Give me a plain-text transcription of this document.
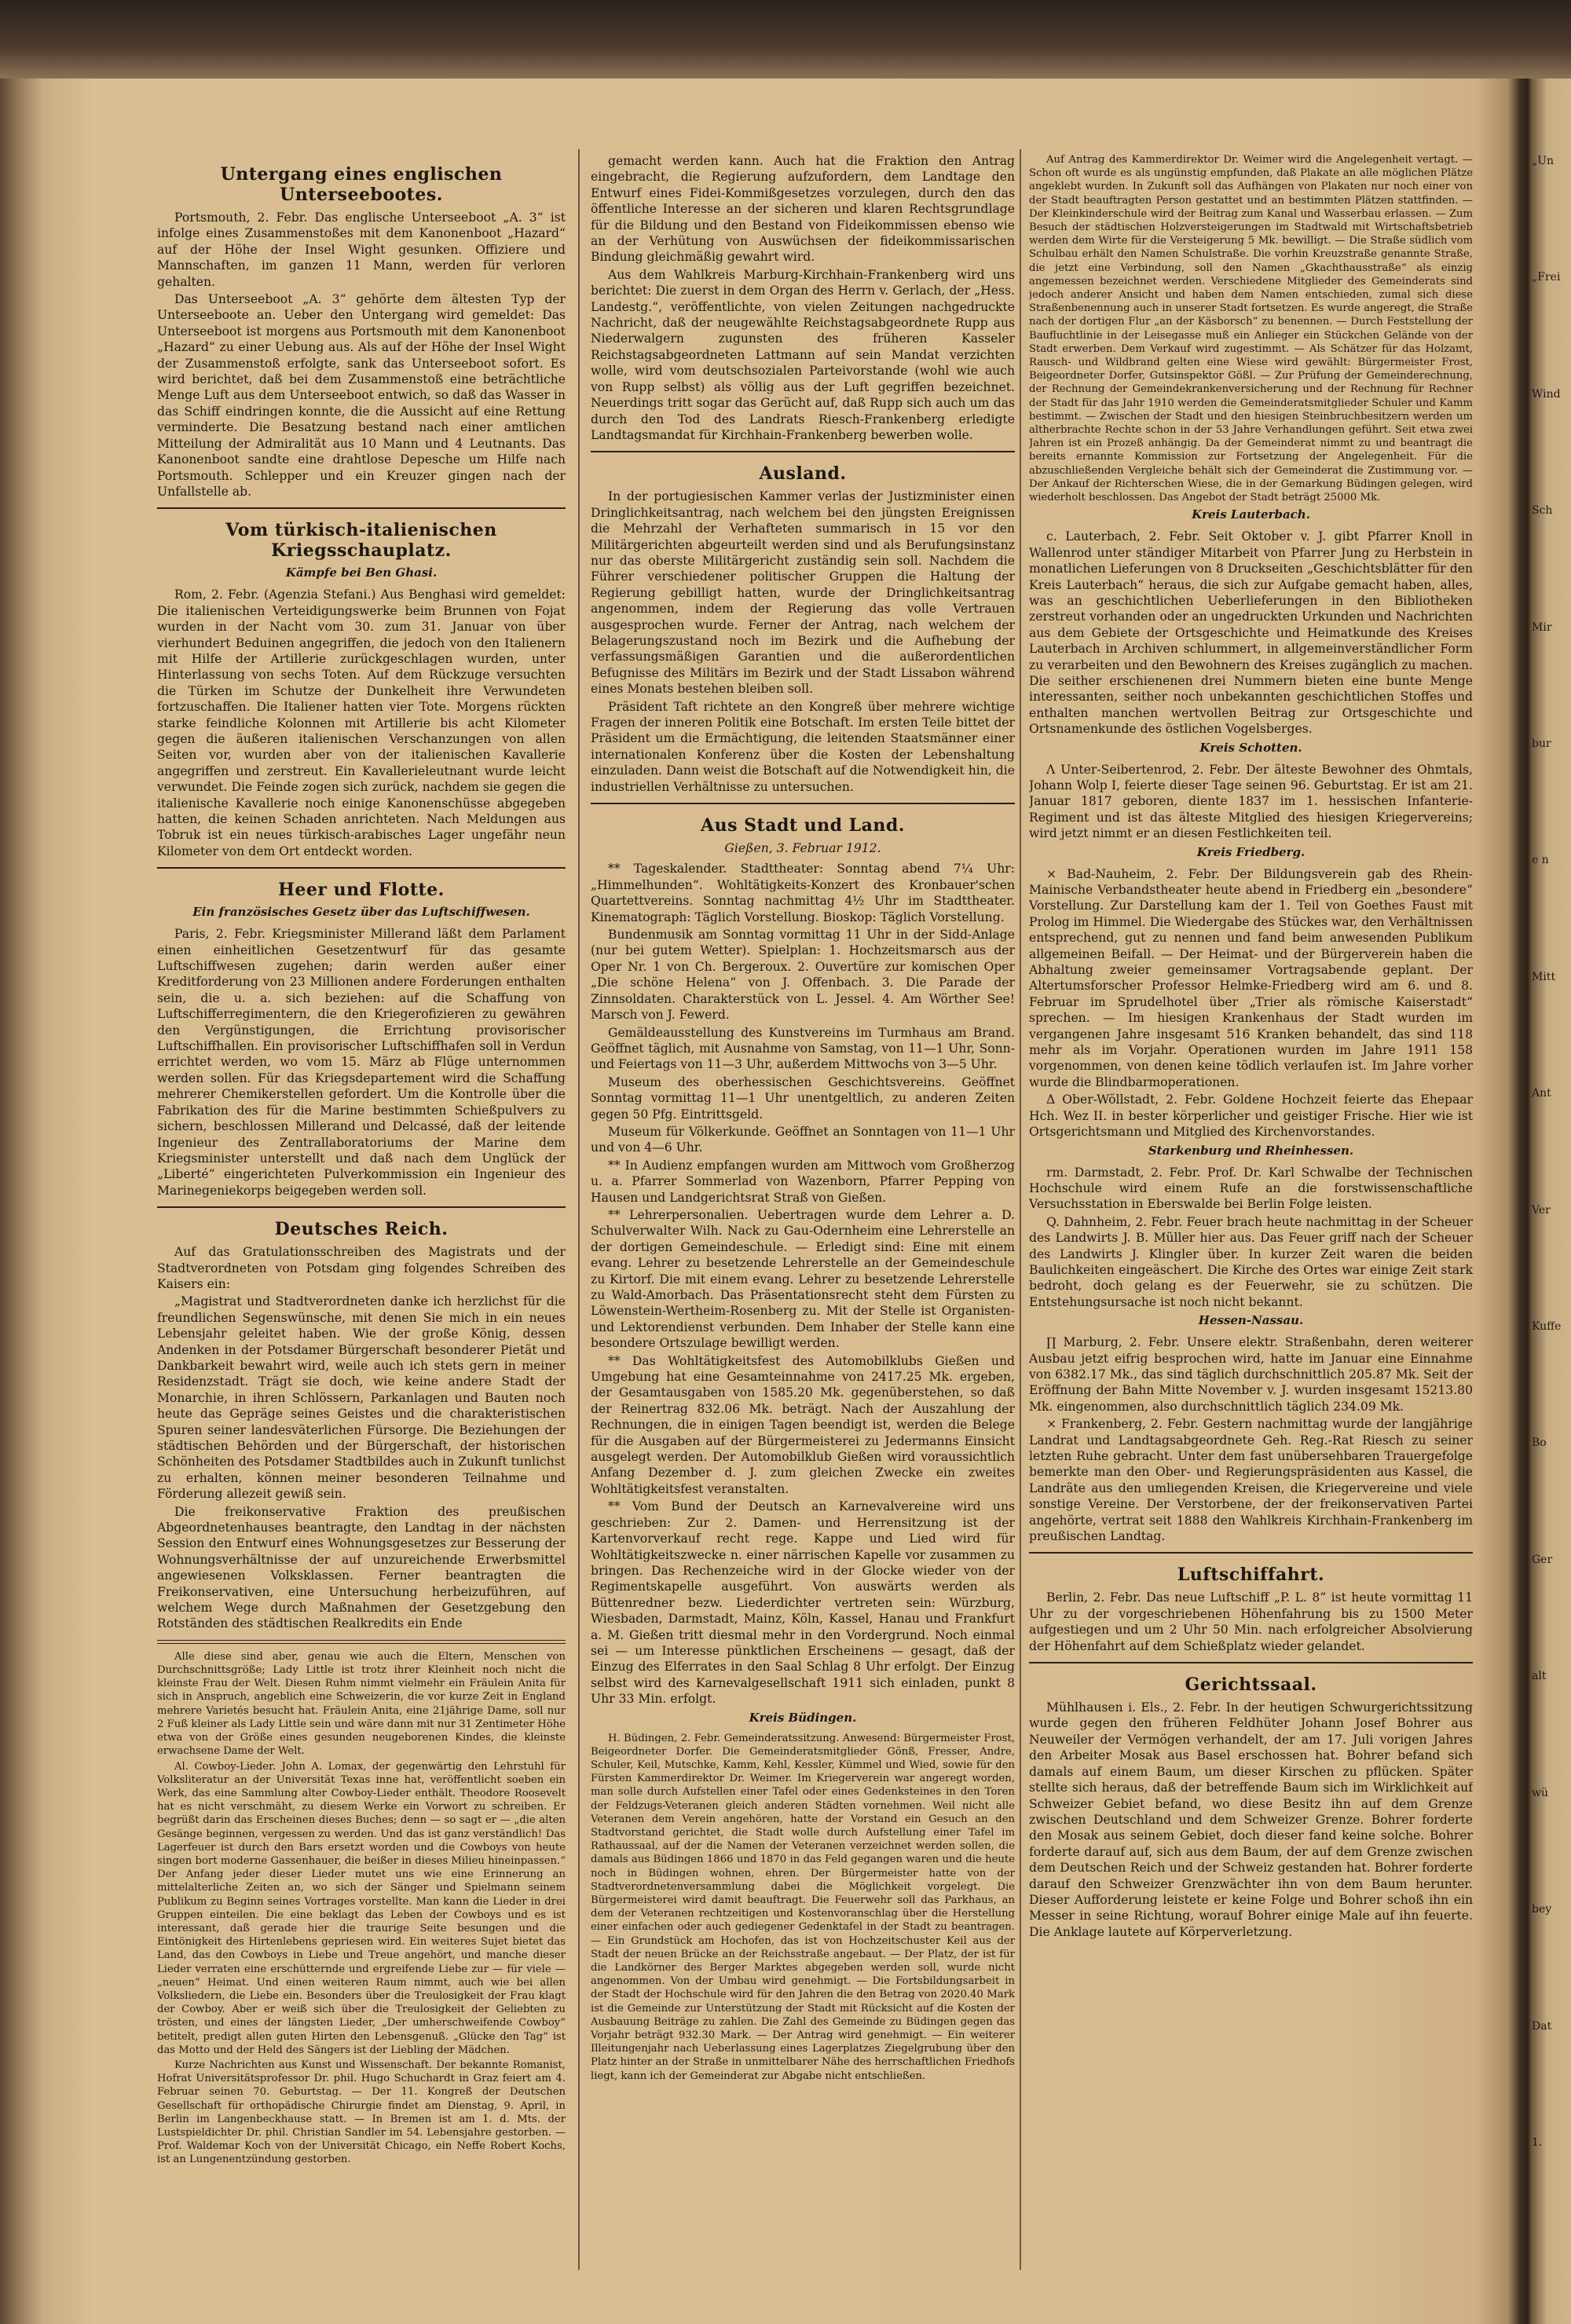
Untergang eines englischen Unterseebootes.

Portsmouth, 2. Febr. Das englische Unterseeboot „A. 3“ ist infolge eines Zusammenstoßes mit dem Kanonenboot „Hazard“ auf der Höhe der Insel Wight gesunken. Offiziere und Mannschaften, im ganzen 11 Mann, werden für verloren gehalten.

Das Unterseeboot „A. 3“ gehörte dem ältesten Typ der Unterseeboote an. Ueber den Untergang wird gemeldet: Das Unterseeboot ist morgens aus Portsmouth mit dem Kanonenboot „Hazard“ zu einer Uebung aus. Als auf der Höhe der Insel Wight der Zusammenstoß erfolgte, sank das Unterseeboot sofort. Es wird berichtet, daß bei dem Zusammenstoß eine beträchtliche Menge Luft aus dem Unterseeboot entwich, so daß das Wasser in das Schiff eindringen konnte, die die Aussicht auf eine Rettung verminderte. Die Besatzung bestand nach einer amtlichen Mitteilung der Admiralität aus 10 Mann und 4 Leutnants. Das Kanonenboot sandte eine drahtlose Depesche um Hilfe nach Portsmouth. Schlepper und ein Kreuzer gingen nach der Unfallstelle ab.

Vom türkisch-italienischen Kriegsschauplatz.
Kämpfe bei Ben Ghasi.

Rom, 2. Febr. (Agenzia Stefani.) Aus Benghasi wird gemeldet: Die italienischen Verteidigungswerke beim Brunnen von Fojat wurden in der Nacht vom 30. zum 31. Januar von über vierhundert Beduinen angegriffen, die jedoch von den Italienern mit Hilfe der Artillerie zurückgeschlagen wurden, unter Hinterlassung von sechs Toten. Auf dem Rückzuge versuchten die Türken im Schutze der Dunkelheit ihre Verwundeten fortzuschaffen. Die Italiener hatten vier Tote. Morgens rückten starke feindliche Kolonnen mit Artillerie bis acht Kilometer gegen die äußeren italienischen Verschanzungen von allen Seiten vor, wurden aber von der italienischen Kavallerie angegriffen und zerstreut. Ein Kavallerieleutnant wurde leicht verwundet. Die Feinde zogen sich zurück, nachdem sie gegen die italienische Kavallerie noch einige Kanonenschüsse abgegeben hatten, die keinen Schaden anrichteten. Nach Meldungen aus Tobruk ist ein neues türkisch-arabisches Lager ungefähr neun Kilometer von dem Ort entdeckt worden.

Heer und Flotte.
Ein französisches Gesetz über das Luftschiffwesen.

Paris, 2. Febr. Kriegsminister Millerand läßt dem Parlament einen einheitlichen Gesetzentwurf für das gesamte Luftschiffwesen zugehen; darin werden außer einer Kreditforderung von 23 Millionen andere Forderungen enthalten sein, die u. a. sich beziehen: auf die Schaffung von Luftschifferregimentern, die den Kriegerofizieren zu gewähren den Vergünstigungen, die Errichtung provisorischer Luftschiffhallen. Ein provisorischer Luftschiffhafen soll in Verdun errichtet werden, wo vom 15. März ab Flüge unternommen werden sollen. Für das Kriegsdepartement wird die Schaffung mehrerer Chemikerstellen gefordert. Um die Kontrolle über die Fabrikation des für die Marine bestimmten Schießpulvers zu sichern, beschlossen Millerand und Delcassé, daß der leitende Ingenieur des Zentrallaboratoriums der Marine dem Kriegsminister unterstellt und daß nach dem Unglück der „Liberté“ eingerichteten Pulverkommission ein Ingenieur des Marinegeniekorps beigegeben werden soll.

Deutsches Reich.

Auf das Gratulationsschreiben des Magistrats und der Stadtverordneten von Potsdam ging folgendes Schreiben des Kaisers ein:

„Magistrat und Stadtverordneten danke ich herzlichst für die freundlichen Segenswünsche, mit denen Sie mich in ein neues Lebensjahr geleitet haben. Wie der große König, dessen Andenken in der Potsdamer Bürgerschaft besonderer Pietät und Dankbarkeit bewahrt wird, weile auch ich stets gern in meiner Residenzstadt. Trägt sie doch, wie keine andere Stadt der Monarchie, in ihren Schlössern, Parkanlagen und Bauten noch heute das Gepräge seines Geistes und die charakteristischen Spuren seiner landesväterlichen Fürsorge. Die Beziehungen der städtischen Behörden und der Bürgerschaft, der historischen Schönheiten des Potsdamer Stadtbildes auch in Zukunft tunlichst zu erhalten, können meiner besonderen Teilnahme und Förderung allezeit gewiß sein.

Die freikonservative Fraktion des preußischen Abgeordnetenhauses beantragte, den Landtag in der nächsten Session den Entwurf eines Wohnungsgesetzes zur Besserung der Wohnungsverhältnisse der auf unzureichende Erwerbsmittel angewiesenen Volksklassen. Ferner beantragten die Freikonservativen, eine Untersuchung herbeizuführen, auf welchem Wege durch Maßnahmen der Gesetzgebung den Rotständen des städtischen Realkredits ein Ende

Alle diese sind aber, genau wie auch die Eltern, Menschen von Durchschnittsgröße; Lady Little ist trotz ihrer Kleinheit noch nicht die kleinste Frau der Welt. Diesen Ruhm nimmt vielmehr ein Fräulein Anita für sich in Anspruch, angeblich eine Schweizerin, die vor kurze Zeit in England mehrere Varietés besucht hat. Fräulein Anita, eine 21jährige Dame, soll nur 2 Fuß kleiner als Lady Little sein und wäre dann mit nur 31 Zentimeter Höhe etwa von der Größe eines gesunden neugeborenen Kindes, die kleinste erwachsene Dame der Welt.

Al. Cowboy-Lieder. John A. Lomax, der gegenwärtig den Lehrstuhl für Volksliteratur an der Universität Texas inne hat, veröffentlicht soeben ein Werk, das eine Sammlung alter Cowboy-Lieder enthält. Theodore Roosevelt hat es nicht verschmäht, zu diesem Werke ein Vorwort zu schreiben. Er begrüßt darin das Erscheinen dieses Buches; denn — so sagt er — „die alten Gesänge beginnen, vergessen zu werden. Und das ist ganz verständlich! Das Lagerfeuer ist durch den Bars ersetzt worden und die Cowboys von heute singen bort moderne Gassenhauer, die beißer in dieses Milieu hineinpassen.“ Der Anfang jeder dieser Lieder mutet uns wie eine Erinnerung an mittelalterliche Zeiten an, wo sich der Sänger und Spielmann seinem Publikum zu Beginn seines Vortrages vorstellte. Man kann die Lieder in drei Gruppen einteilen. Die eine beklagt das Leben der Cowboys und es ist interessant, daß gerade hier die traurige Seite besungen und die Eintönigkeit des Hirtenlebens gepriesen wird. Ein weiteres Sujet bietet das Land, das den Cowboys in Liebe und Treue angehört, und manche dieser Lieder verraten eine erschütternde und ergreifende Liebe zur — für viele — „neuen“ Heimat. Und einen weiteren Raum nimmt, auch wie bei allen Volksliedern, die Liebe ein. Besonders über die Treulosigkeit der Frau klagt der Cowboy. Aber er weiß sich über die Treulosigkeit der Geliebten zu trösten, und eines der längsten Lieder, „Der umherschweifende Cowboy“ betitelt, predigt allen guten Hirten den Lebensgenuß. „Glücke den Tag“ ist das Motto und der Held des Sängers ist der Liebling der Mädchen.

Kurze Nachrichten aus Kunst und Wissenschaft. Der bekannte Romanist, Hofrat Universitätsprofessor Dr. phil. Hugo Schuchardt in Graz feiert am 4. Februar seinen 70. Geburtstag. — Der 11. Kongreß der Deutschen Gesellschaft für orthopädische Chirurgie findet am Dienstag, 9. April, in Berlin im Langenbeckhause statt. — In Bremen ist am 1. d. Mts. der Lustspieldichter Dr. phil. Christian Sandler im 54. Lebensjahre gestorben. — Prof. Waldemar Koch von der Universität Chicago, ein Neffe Robert Kochs, ist an Lungenentzündung gestorben.

gemacht werden kann. Auch hat die Fraktion den Antrag eingebracht, die Regierung aufzufordern, dem Landtage den Entwurf eines Fidei-Kommißgesetzes vorzulegen, durch den das öffentliche Interesse an der sicheren und klaren Rechtsgrundlage für die Bildung und den Bestand von Fideikommissen ebenso wie an der Verhütung von Auswüchsen der fideikommissarischen Bindung gleichmäßig gewahrt wird.

Aus dem Wahlkreis Marburg-Kirchhain-Frankenberg wird uns berichtet: Die zuerst in dem Organ des Herrn v. Gerlach, der „Hess. Landestg.“, veröffentlichte, von vielen Zeitungen nachgedruckte Nachricht, daß der neugewählte Reichstagsabgeordnete Rupp aus Niederwalgern zugunsten des früheren Kasseler Reichstagsabgeordneten Lattmann auf sein Mandat verzichten wolle, wird vom deutschsozialen Parteivorstande (wohl wie auch von Rupp selbst) als völlig aus der Luft gegriffen bezeichnet. Neuerdings tritt sogar das Gerücht auf, daß Rupp sich auch um das durch den Tod des Landrats Riesch-Frankenberg erledigte Landtagsmandat für Kirchhain-Frankenberg bewerben wolle.

Ausland.

In der portugiesischen Kammer verlas der Justizminister einen Dringlichkeitsantrag, nach welchem bei den jüngsten Ereignissen die Mehrzahl der Verhafteten summarisch in 15 vor den Militärgerichten abgeurteilt werden sind und als Berufungsinstanz nur das oberste Militärgericht zuständig sein soll. Nachdem die Führer verschiedener politischer Gruppen die Haltung der Regierung gebilligt hatten, wurde der Dringlichkeitsantrag angenommen, indem der Regierung das volle Vertrauen ausgesprochen wurde. Ferner der Antrag, nach welchem der Belagerungszustand noch im Bezirk und die Aufhebung der verfassungsmäßigen Garantien und die außerordentlichen Befugnisse des Militärs im Bezirk und der Stadt Lissabon während eines Monats bestehen bleiben soll.

Präsident Taft richtete an den Kongreß über mehrere wichtige Fragen der inneren Politik eine Botschaft. Im ersten Teile bittet der Präsident um die Ermächtigung, die leitenden Staatsmänner einer internationalen Konferenz über die Kosten der Lebenshaltung einzuladen. Dann weist die Botschaft auf die Notwendigkeit hin, die industriellen Verhältnisse zu untersuchen.

Aus Stadt und Land.
Gießen, 3. Februar 1912.

** Tageskalender. Stadttheater: Sonntag abend 7¼ Uhr: „Himmelhunden“. Wohltätigkeits-Konzert des Kronbauer'schen Quartettvereins. Sonntag nachmittag 4½ Uhr im Stadttheater. Kinematograph: Täglich Vorstellung. Bioskop: Täglich Vorstellung.

Bundenmusik am Sonntag vormittag 11 Uhr in der Sidd-Anlage (nur bei gutem Wetter). Spielplan: 1. Hochzeitsmarsch aus der Oper Nr. 1 von Ch. Bergeroux. 2. Ouvertüre zur komischen Oper „Die schöne Helena“ von J. Offenbach. 3. Die Parade der Zinnsoldaten. Charakterstück von L. Jessel. 4. Am Wörther See! Marsch von J. Fewerd.

Gemäldeausstellung des Kunstvereins im Turmhaus am Brand. Geöffnet täglich, mit Ausnahme von Samstag, von 11—1 Uhr, Sonn- und Feiertags von 11—3 Uhr, außerdem Mittwochs von 3—5 Uhr.

Museum des oberhessischen Geschichtsvereins. Geöffnet Sonntag vormittag 11—1 Uhr unentgeltlich, zu anderen Zeiten gegen 50 Pfg. Eintrittsgeld.

Museum für Völkerkunde. Geöffnet an Sonntagen von 11—1 Uhr und von 4—6 Uhr.

** In Audienz empfangen wurden am Mittwoch vom Großherzog u. a. Pfarrer Sommerlad von Wazenborn, Pfarrer Pepping von Hausen und Landgerichtsrat Straß von Gießen.

** Lehrerpersonalien. Uebertragen wurde dem Lehrer a. D. Schulverwalter Wilh. Nack zu Gau-Odernheim eine Lehrerstelle an der dortigen Gemeindeschule. — Erledigt sind: Eine mit einem evang. Lehrer zu besetzende Lehrerstelle an der Gemeindeschule zu Kirtorf. Die mit einem evang. Lehrer zu besetzende Lehrerstelle zu Wald-Amorbach. Das Präsentationsrecht steht dem Fürsten zu Löwenstein-Wertheim-Rosenberg zu. Mit der Stelle ist Organisten- und Lektorendienst verbunden. Dem Inhaber der Stelle kann eine besondere Ortszulage bewilligt werden.

** Das Wohltätigkeitsfest des Automobilklubs Gießen und Umgebung hat eine Gesamteinnahme von 2417.25 Mk. ergeben, der Gesamtausgaben von 1585.20 Mk. gegenüberstehen, so daß der Reinertrag 832.06 Mk. beträgt. Nach der Auszahlung der Rechnungen, die in einigen Tagen beendigt ist, werden die Belege für die Ausgaben auf der Bürgermeisterei zu Jedermanns Einsicht ausgelegt werden. Der Automobilklub Gießen wird voraussichtlich Anfang Dezember d. J. zum gleichen Zwecke ein zweites Wohltätigkeitsfest veranstalten.

** Vom Bund der Deutsch an Karnevalvereine wird uns geschrieben: Zur 2. Damen- und Herrensitzung ist der Kartenvorverkauf recht rege. Kappe und Lied wird für Wohltätigkeitszwecke n. einer närrischen Kapelle vor zusammen zu bringen. Das Rechenzeiche wird in der Glocke wieder von der Regimentskapelle ausgeführt. Von auswärts werden als Büttenredner bezw. Liederdichter vertreten sein: Würzburg, Wiesbaden, Darmstadt, Mainz, Köln, Kassel, Hanau und Frankfurt a. M. Gießen tritt diesmal mehr in den Vordergrund. Noch einmal sei — um Interesse pünktlichen Erscheinens — gesagt, daß der Einzug des Elferrates in den Saal Schlag 8 Uhr erfolgt. Der Einzug selbst wird des Karnevalgesellschaft 1911 sich einladen, punkt 8 Uhr 33 Min. erfolgt.

Kreis Büdingen.

H. Büdingen, 2. Febr. Gemeinderatssitzung. Anwesend: Bürgermeister Frost, Beigeordneter Dorfer. Die Gemeinderatsmitglieder Gönß, Fresser, Andre, Schuler, Keil, Mutschke, Kamm, Kehl, Kessler, Kümmel und Wied, sowie für den Fürsten Kammerdirektor Dr. Weimer. Im Kriegerverein war angeregt worden, man solle durch Aufstellen einer Tafel oder eines Gedenksteines in den Toren der Feldzugs-Veteranen gleich anderen Städten vornehmen. Weil nicht alle Veteranen dem Verein angehören, hatte der Vorstand ein Gesuch an den Stadtvorstand gerichtet, die Stadt wolle durch Aufstellung einer Tafel im Rathaussaal, auf der die Namen der Veteranen verzeichnet werden sollen, die damals aus Büdingen 1866 und 1870 in das Feld gegangen waren und die heute noch in Büdingen wohnen, ehren. Der Bürgermeister hatte von der Stadtverordnetenversammlung dabei die Möglichkeit vorgelegt. Die Bürgermeisterei wird damit beauftragt. Die Feuerwehr soll das Parkhaus, an dem der Veteranen rechtzeitigen und Kostenvoranschlag über die Herstellung einer einfachen oder auch gediegener Gedenktafel in der Stadt zu beantragen. — Ein Grundstück am Hochofen, das ist von Hochzeitschuster Keil aus der Stadt der neuen Brücke an der Reichsstraße angebaut. — Der Platz, der ist für die Landkörner des Berger Marktes abgegeben werden soll, wurde nicht angenommen. Von der Umbau wird genehmigt. — Die Fortsbildungsarbeit in der Stadt der Hochschule wird für den Jahren die den Betrag von 2020.40 Mark ist die Gemeinde zur Unterstützung der Stadt mit Rücksicht auf die Kosten der Ausbauung Beiträge zu zahlen. Die Zahl des Gemeinde zu Büdingen gegen das Vorjahr beträgt 932.30 Mark. — Der Antrag wird genehmigt. — Ein weiterer Illeitungenjahr nach Ueberlassung eines Lagerplatzes Ziegelgrubung über den Platz hinter an der Straße in unmittelbarer Nähe des herrschaftlichen Friedhofs liegt, kann ich der Gemeinderat zur Abgabe nicht entschließen.

Auf Antrag des Kammerdirektor Dr. Weimer wird die Angelegenheit vertagt. — Schon oft wurde es als ungünstig empfunden, daß Plakate an alle möglichen Plätze angeklebt wurden. In Zukunft soll das Aufhängen von Plakaten nur noch einer von der Stadt beauftragten Person gestattet und an bestimmten Plätzen stattfinden. — Der Kleinkinderschule wird der Beitrag zum Kanal und Wasserbau erlassen. — Zum Besuch der städtischen Holzversteigerungen im Stadtwald mit Wirtschaftsbetrieb werden dem Wirte für die Versteigerung 5 Mk. bewilligt. — Die Straße südlich vom Schulbau erhält den Namen Schulstraße. Die vorhin Kreuzstraße genannte Straße, die jetzt eine Verbindung, soll den Namen „Gkachthausstraße“ als einzig angemessen bezeichnet werden. Verschiedene Mitglieder des Gemeinderats sind jedoch anderer Ansicht und haben dem Namen entschieden, zumal sich diese Straßenbenennung auch in unserer Stadt fortsetzen. Es wurde angeregt, die Straße nach der dortigen Flur „an der Käsborsch“ zu benennen. — Durch Feststellung der Baufluchtlinie in der Leisegasse muß ein Anlieger ein Stückchen Gelände von der Stadt erwerben. Dem Verkauf wird zugestimmt. — Als Schätzer für das Holzamt, Rausch- und Wildbrand gelten eine Wiese wird gewählt: Bürgermeister Frost, Beigeordneter Dorfer, Gutsinspektor Gößl. — Zur Prüfung der Gemeinderechnung, der Rechnung der Gemeindekrankenversicherung und der Rechnung für Rechner der Stadt für das Jahr 1910 werden die Gemeinderatsmitglieder Schuler und Kamm bestimmt. — Zwischen der Stadt und den hiesigen Steinbruchbesitzern werden um altherbrachte Rechte schon in der 53 Jahre Verhandlungen geführt. Seit etwa zwei Jahren ist ein Prozeß anhängig. Da der Gemeinderat nimmt zu und beantragt die bereits ernannte Kommission zur Fortsetzung der Angelegenheit. Für die abzuschließenden Vergleiche behält sich der Gemeinderat die Zustimmung vor. — Der Ankauf der Richterschen Wiese, die in der Gemarkung Büdingen gelegen, wird wiederholt beschlossen. Das Angebot der Stadt beträgt 25000 Mk.

Kreis Lauterbach.

c. Lauterbach, 2. Febr. Seit Oktober v. J. gibt Pfarrer Knoll in Wallenrod unter ständiger Mitarbeit von Pfarrer Jung zu Herbstein in monatlichen Lieferungen von 8 Druckseiten „Geschichtsblätter für den Kreis Lauterbach“ heraus, die sich zur Aufgabe gemacht haben, alles, was an geschichtlichen Ueberlieferungen in den Bibliotheken zerstreut vorhanden oder an ungedruckten Urkunden und Nachrichten aus dem Gebiete der Ortsgeschichte und Heimatkunde des Kreises Lauterbach in Archiven schlummert, in allgemeinverständlicher Form zu verarbeiten und den Bewohnern des Kreises zugänglich zu machen. Die seither erschienenen drei Nummern bieten eine bunte Menge interessanten, seither noch unbekannten geschichtlichen Stoffes und enthalten manchen wertvollen Beitrag zur Ortsgeschichte und Ortsnamenkunde des östlichen Vogelsberges.

Kreis Schotten.

Λ Unter-Seibertenrod, 2. Febr. Der älteste Bewohner des Ohmtals, Johann Wolp I, feierte dieser Tage seinen 96. Geburtstag. Er ist am 21. Januar 1817 geboren, diente 1837 im 1. hessischen Infanterie-Regiment und ist das älteste Mitglied des hiesigen Kriegervereins; wird jetzt nimmt er an diesen Festlichkeiten teil.

Kreis Friedberg.

× Bad-Nauheim, 2. Febr. Der Bildungsverein gab des Rhein-Mainische Verbandstheater heute abend in Friedberg ein „besondere“ Vorstellung. Zur Darstellung kam der 1. Teil von Goethes Faust mit Prolog im Himmel. Die Wiedergabe des Stückes war, den Verhältnissen entsprechend, gut zu nennen und fand beim anwesenden Publikum allgemeinen Beifall. — Der Heimat- und der Bürgerverein haben die Abhaltung zweier gemeinsamer Vortragsabende geplant. Der Altertumsforscher Professor Helmke-Friedberg wird am 6. und 8. Februar im Sprudelhotel über „Trier als römische Kaiserstadt“ sprechen. — Im hiesigen Krankenhaus der Stadt wurden im vergangenen Jahre insgesamt 516 Kranken behandelt, das sind 118 mehr als im Vorjahr. Operationen wurden im Jahre 1911 158 vorgenommen, von denen keine tödlich verlaufen ist. Im Jahre vorher wurde die Blindbarmoperationen.

Δ Ober-Wöllstadt, 2. Febr. Goldene Hochzeit feierte das Ehepaar Hch. Wez II. in bester körperlicher und geistiger Frische. Hier wie ist Ortsgerichtsmann und Mitglied des Kirchenvorstandes.

Starkenburg und Rheinhessen.

rm. Darmstadt, 2. Febr. Prof. Dr. Karl Schwalbe der Technischen Hochschule wird einem Rufe an die forstwissenschaftliche Versuchsstation in Eberswalde bei Berlin Folge leisten.

Q. Dahnheim, 2. Febr. Feuer brach heute nachmittag in der Scheuer des Landwirts J. B. Müller hier aus. Das Feuer griff nach der Scheuer des Landwirts J. Klingler über. In kurzer Zeit waren die beiden Baulichkeiten eingeäschert. Die Kirche des Ortes war einige Zeit stark bedroht, doch gelang es der Feuerwehr, sie zu schützen. Die Entstehungsursache ist noch nicht bekannt.

Hessen-Nassau.

∏ Marburg, 2. Febr. Unsere elektr. Straßenbahn, deren weiterer Ausbau jetzt eifrig besprochen wird, hatte im Januar eine Einnahme von 6382.17 Mk., das sind täglich durchschnittlich 205.87 Mk. Seit der Eröffnung der Bahn Mitte November v. J. wurden insgesamt 15213.80 Mk. eingenommen, also durchschnittlich täglich 234.09 Mk.

× Frankenberg, 2. Febr. Gestern nachmittag wurde der langjährige Landrat und Landtagsabgeordnete Geh. Reg.-Rat Riesch zu seiner letzten Ruhe gebracht. Unter dem fast unübersehbaren Trauergefolge bemerkte man den Ober- und Regierungspräsidenten aus Kassel, die Landräte aus den umliegenden Kreisen, die Kriegervereine und viele sonstige Vereine. Der Verstorbene, der der freikonservativen Partei angehörte, vertrat seit 1888 den Wahlkreis Kirchhain-Frankenberg im preußischen Landtag.

Luftschiffahrt.

Berlin, 2. Febr. Das neue Luftschiff „P. L. 8“ ist heute vormittag 11 Uhr zu der vorgeschriebenen Höhenfahrung bis zu 1500 Meter aufgestiegen und um 2 Uhr 50 Min. nach erfolgreicher Absolvierung der Höhenfahrt auf dem Schießplatz wieder gelandet.

Gerichtssaal.

Mühlhausen i. Els., 2. Febr. In der heutigen Schwurgerichtssitzung wurde gegen den früheren Feldhüter Johann Josef Bohrer aus Neuweiler der Vermögen verhandelt, der am 17. Juli vorigen Jahres den Arbeiter Mosak aus Basel erschossen hat. Bohrer befand sich damals auf einem Baum, um dieser Kirschen zu pflücken. Später stellte sich heraus, daß der betreffende Baum sich im Wirklichkeit auf Schweizer Gebiet befand, wo diese Besitz ihn auf dem Grenze zwischen Deutschland und dem Schweizer Grenze. Bohrer forderte den Mosak aus seinem Gebiet, doch dieser fand keine solche. Bohrer forderte darauf auf, sich aus dem Baum, der auf dem Grenze zwischen dem Deutschen Reich und der Schweiz gestanden hat. Bohrer forderte darauf den Schweizer Grenzwächter ihn von dem Baum herunter. Dieser Aufforderung leistete er keine Folge und Bohrer schoß ihn ein Messer in seine Richtung, worauf Bohrer einige Male auf ihn feuerte. Die Anklage lautete auf Körperverletzung.

„Un
„Frei
Wind
Sch
Mir
bur
e n
Mitt
Ant
Ver
Kuffe
Bo
Ger
alt
wü
bey
Dat
1.
